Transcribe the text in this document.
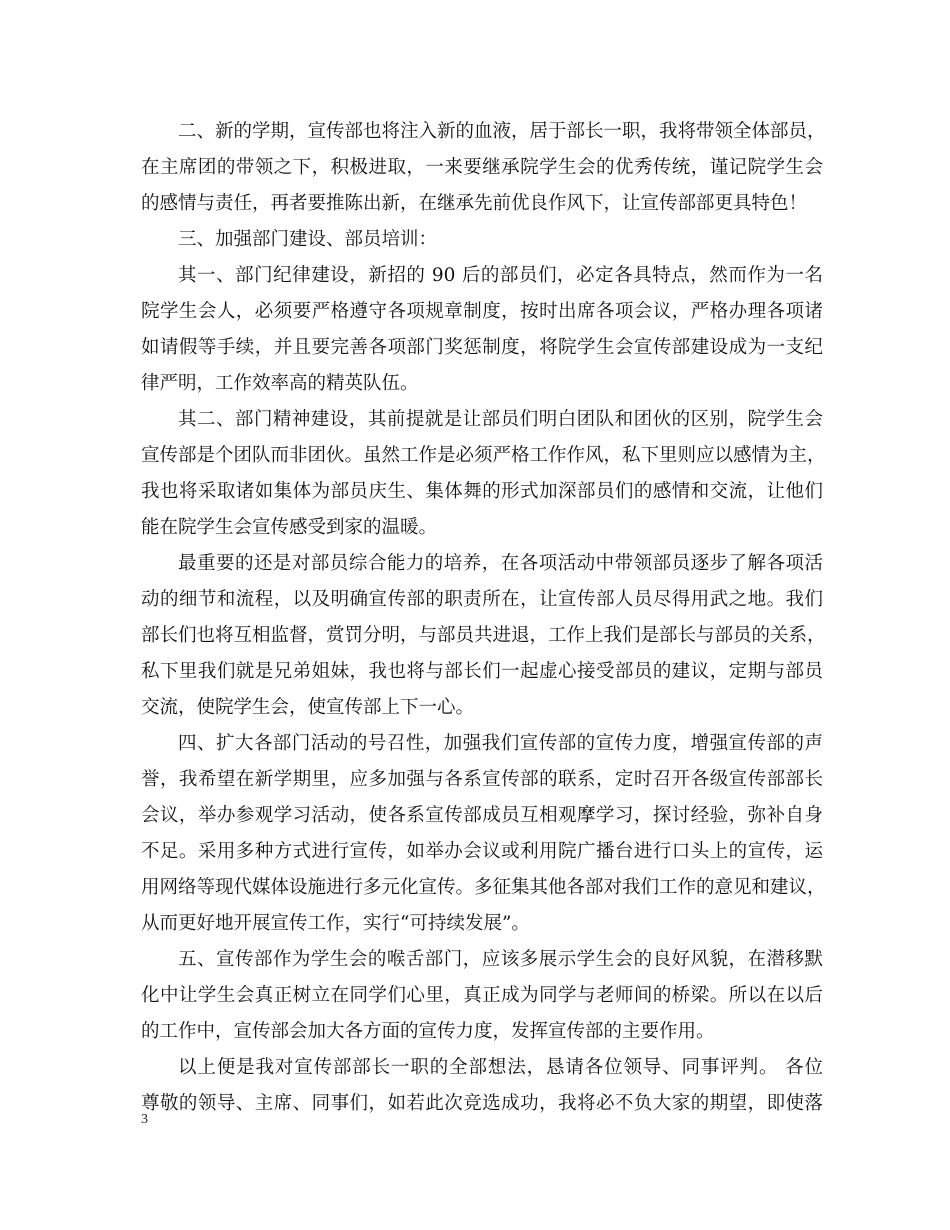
二、新的学期，宣传部也将注入新的血液，居于部长一职，我将带领全体部员，
在主席团的带领之下，积极进取，一来要继承院学生会的优秀传统，谨记院学生会
的感情与责任，再者要推陈出新，在继承先前优良作风下，让宣传部部更具特色！
三、加强部门建设、部员培训：
其一、部门纪律建设，新招的 90 后的部员们，必定各具特点，然而作为一名
院学生会人，必须要严格遵守各项规章制度，按时出席各项会议，严格办理各项诸
如请假等手续，并且要完善各项部门奖惩制度，将院学生会宣传部建设成为一支纪
律严明，工作效率高的精英队伍。
其二、部门精神建设，其前提就是让部员们明白团队和团伙的区别，院学生会
宣传部是个团队而非团伙。虽然工作是必须严格工作作风，私下里则应以感情为主，
我也将采取诸如集体为部员庆生、集体舞的形式加深部员们的感情和交流，让他们
能在院学生会宣传感受到家的温暖。
最重要的还是对部员综合能力的培养，在各项活动中带领部员逐步了解各项活
动的细节和流程，以及明确宣传部的职责所在，让宣传部人员尽得用武之地。我们
部长们也将互相监督，赏罚分明，与部员共进退，工作上我们是部长与部员的关系，
私下里我们就是兄弟姐妹，我也将与部长们一起虚心接受部员的建议，定期与部员
交流，使院学生会，使宣传部上下一心。
四、扩大各部门活动的号召性，加强我们宣传部的宣传力度，增强宣传部的声
誉，我希望在新学期里，应多加强与各系宣传部的联系，定时召开各级宣传部部长
会议，举办参观学习活动，使各系宣传部成员互相观摩学习，探讨经验，弥补自身
不足。采用多种方式进行宣传，如举办会议或利用院广播台进行口头上的宣传，运
用网络等现代媒体设施进行多元化宣传。多征集其他各部对我们工作的意见和建议，
从而更好地开展宣传工作，实行“可持续发展”。
五、宣传部作为学生会的喉舌部门，应该多展示学生会的良好风貌，在潜移默
化中让学生会真正树立在同学们心里，真正成为同学与老师间的桥梁。所以在以后
的工作中，宣传部会加大各方面的宣传力度，发挥宣传部的主要作用。
以上便是我对宣传部部长一职的全部想法，恳请各位领导、同事评判。 各位
尊敬的领导、主席、同事们，如若此次竞选成功，我将必不负大家的期望，即使落
3
